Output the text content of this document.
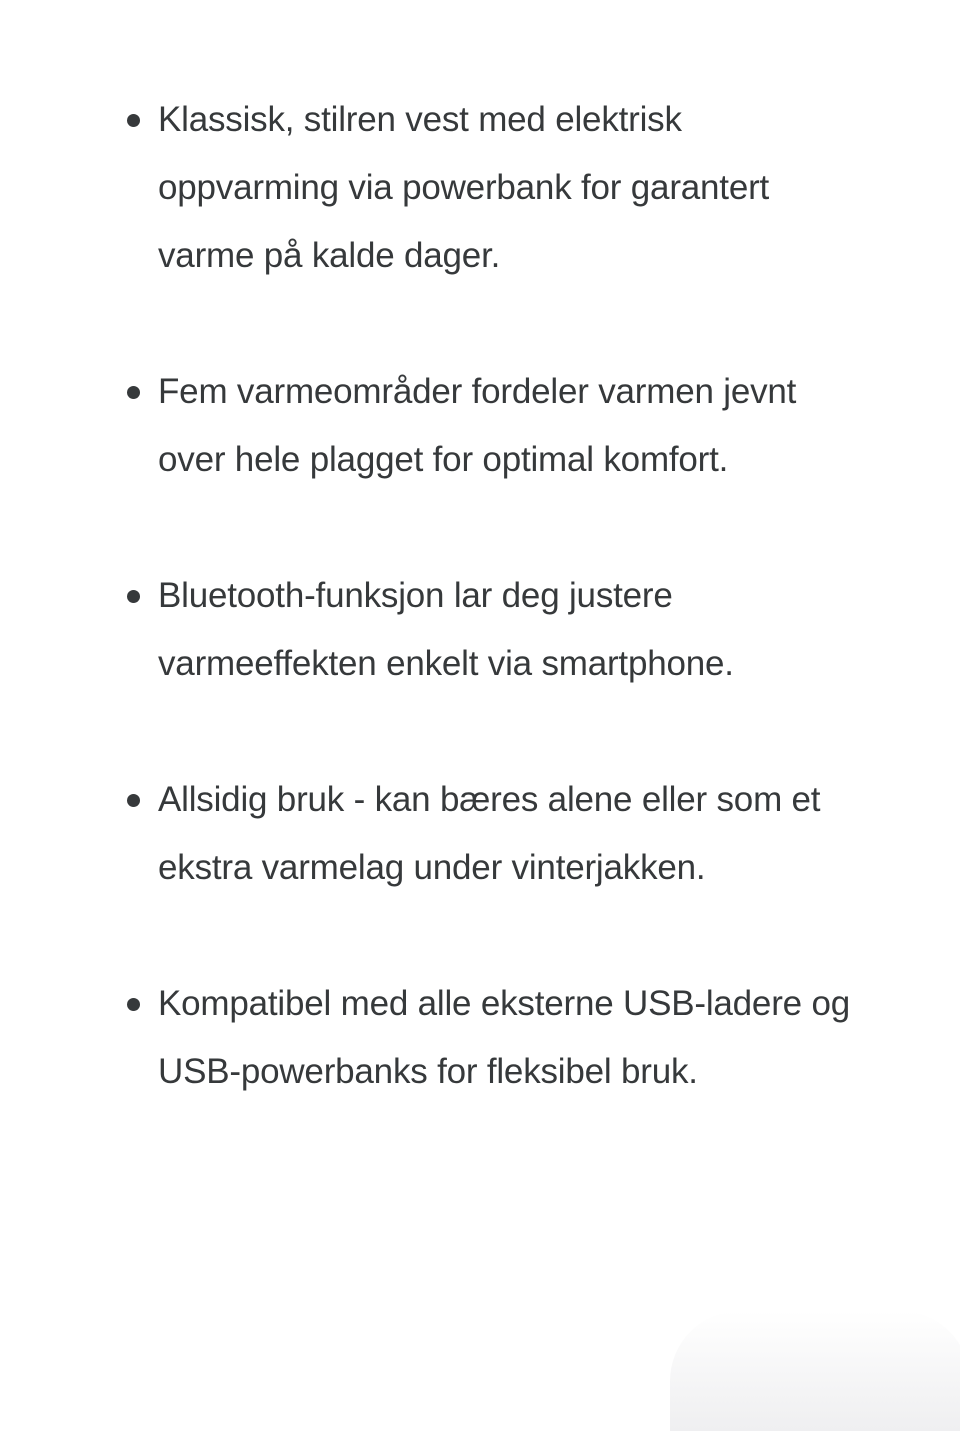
Klassisk, stilren vest med elektrisk oppvarming via powerbank for garantert varme på kalde dager.
Fem varmeområder fordeler varmen jevnt over hele plagget for optimal komfort.
Bluetooth-funksjon lar deg justere varmeeffekten enkelt via smartphone.
Allsidig bruk - kan bæres alene eller som et ekstra varmelag under vinterjakken.
Kompatibel med alle eksterne USB-ladere og USB-powerbanks for fleksibel bruk.
